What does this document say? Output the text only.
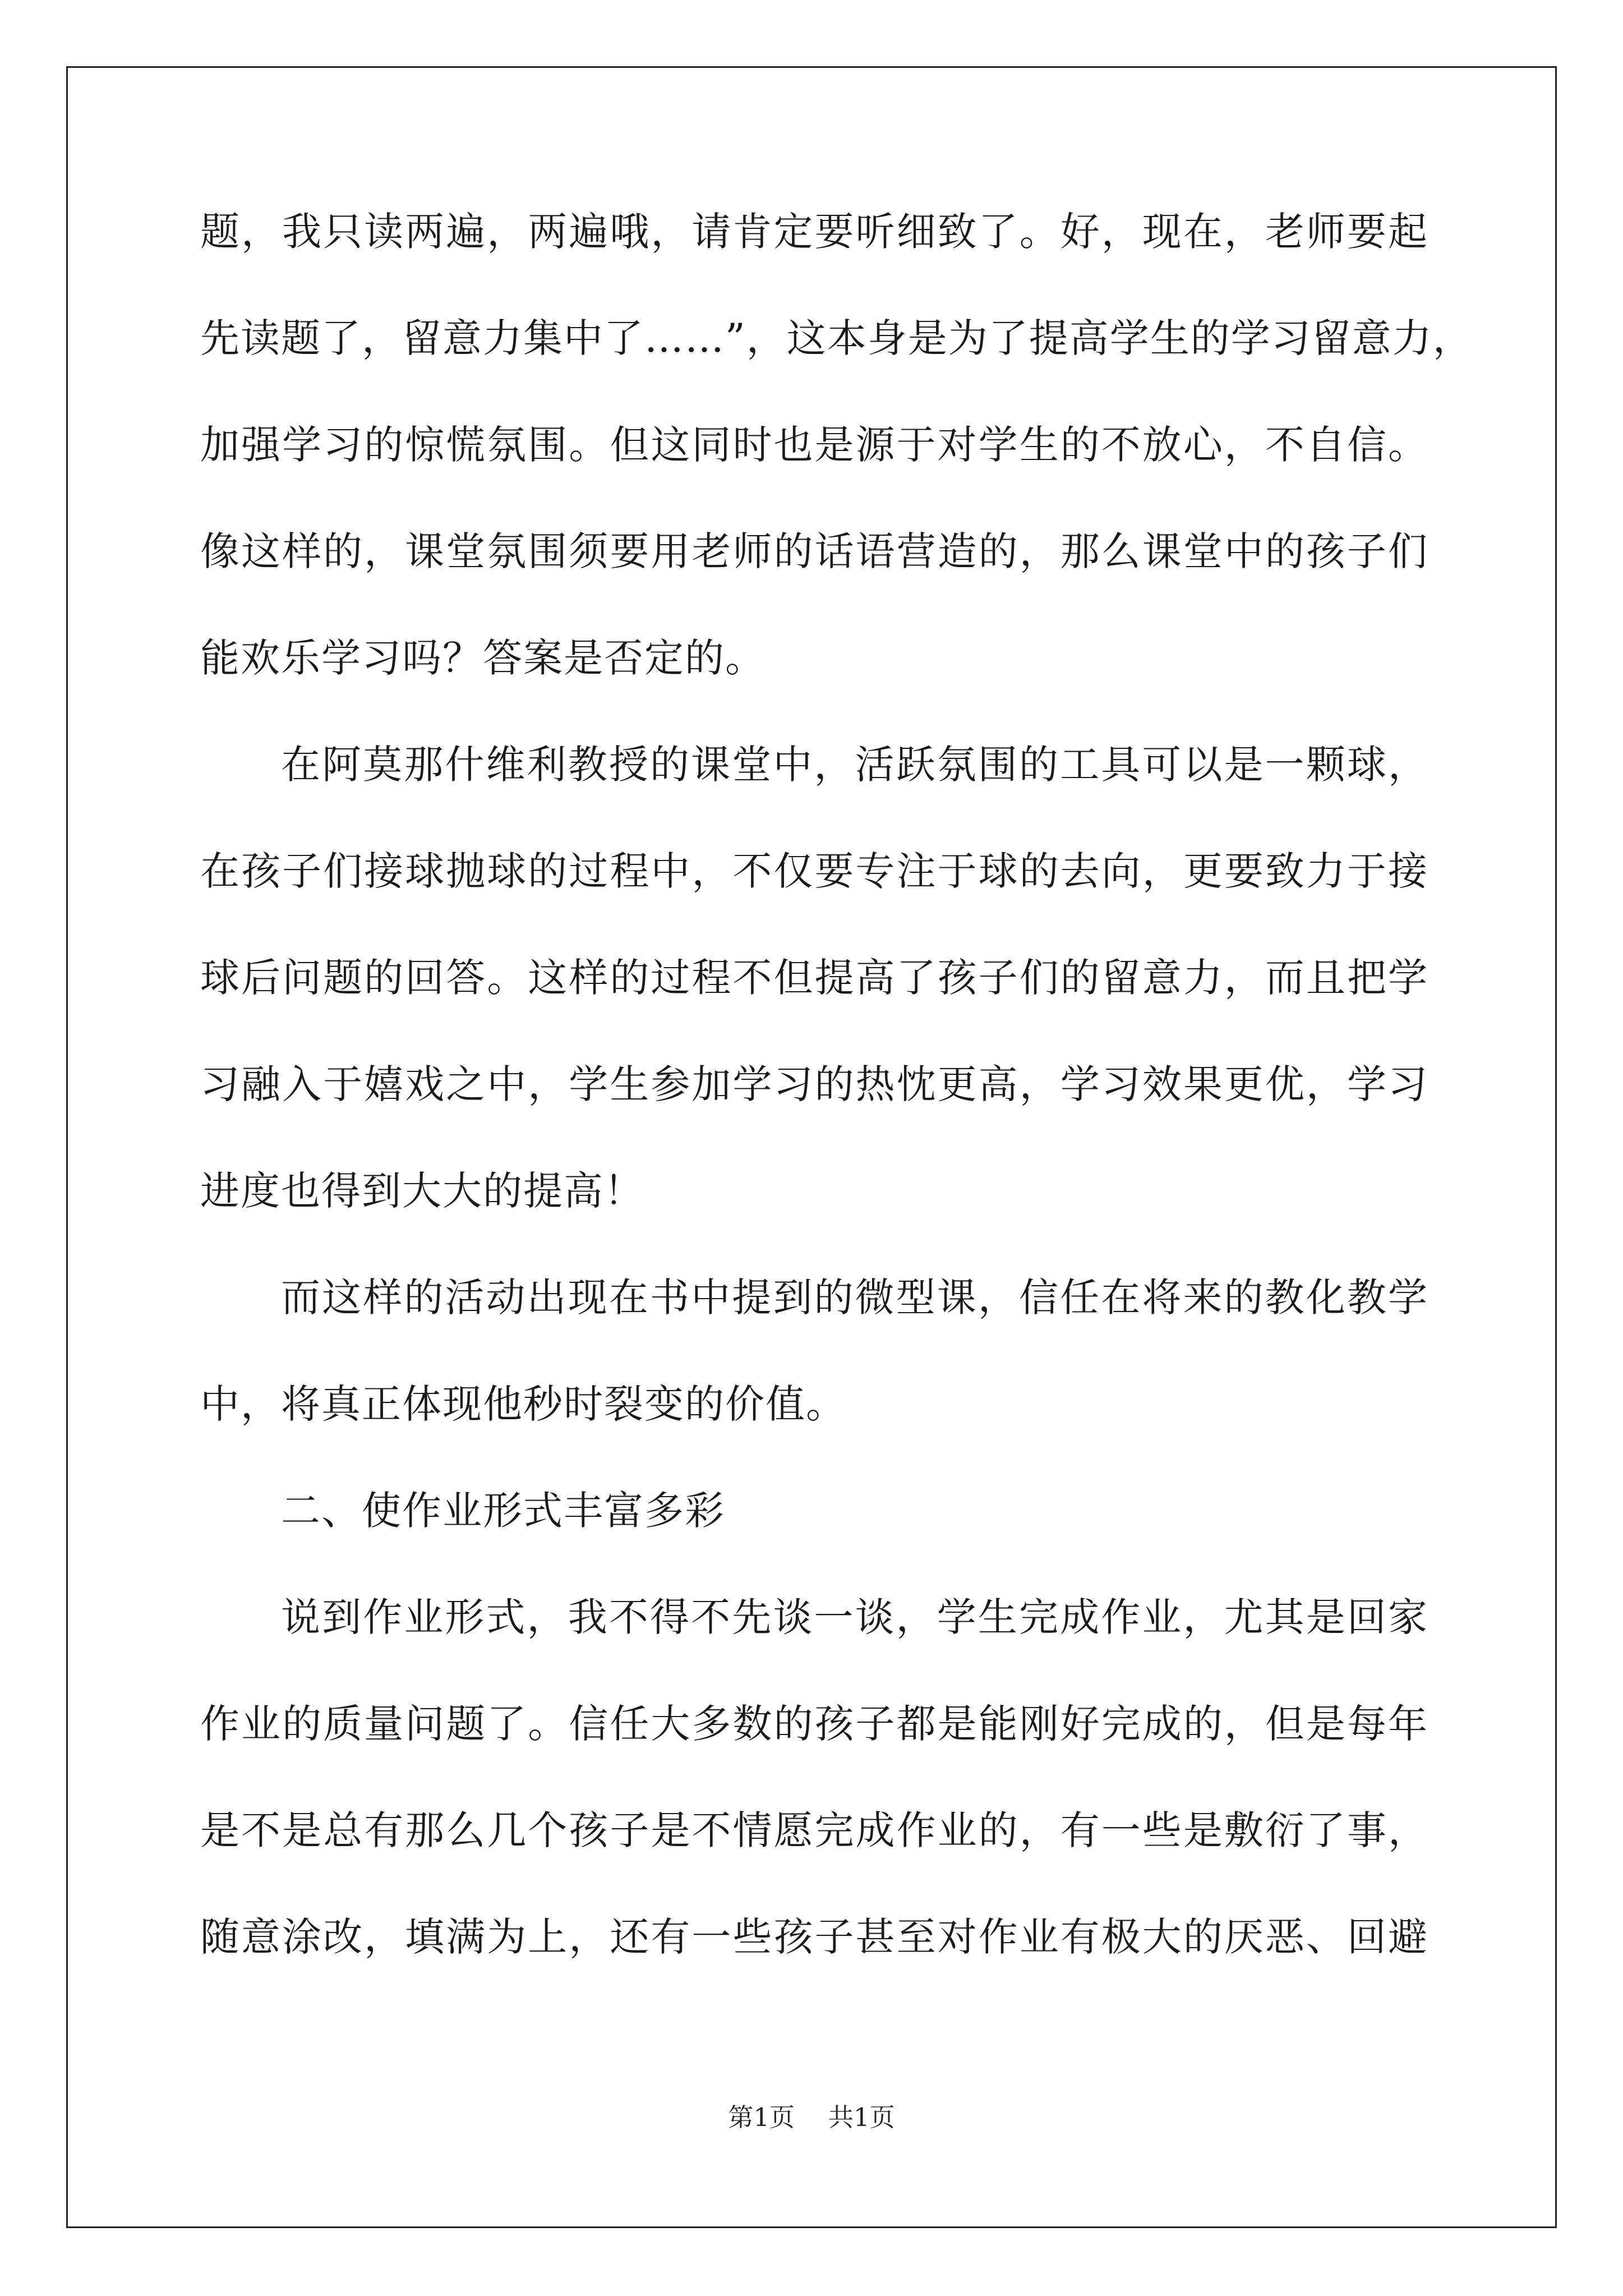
题，我只读两遍，两遍哦，请肯定要听细致了。好，现在，老师要起
先读题了，留意力集中了……”，这本身是为了提高学生的学习留意力，
加强学习的惊慌氛围。但这同时也是源于对学生的不放心，不自信。
像这样的，课堂氛围须要用老师的话语营造的，那么课堂中的孩子们
能欢乐学习吗？答案是否定的。
在阿莫那什维利教授的课堂中，活跃氛围的工具可以是一颗球，
在孩子们接球抛球的过程中，不仅要专注于球的去向，更要致力于接
球后问题的回答。这样的过程不但提高了孩子们的留意力，而且把学
习融入于嬉戏之中，学生参加学习的热忱更高，学习效果更优，学习
进度也得到大大的提高！
而这样的活动出现在书中提到的微型课，信任在将来的教化教学
中，将真正体现他秒时裂变的价值。
二、使作业形式丰富多彩
说到作业形式，我不得不先谈一谈，学生完成作业，尤其是回家
作业的质量问题了。信任大多数的孩子都是能刚好完成的，但是每年
是不是总有那么几个孩子是不情愿完成作业的，有一些是敷衍了事，
随意涂改，填满为上，还有一些孩子甚至对作业有极大的厌恶、回避
第1页 共1页
